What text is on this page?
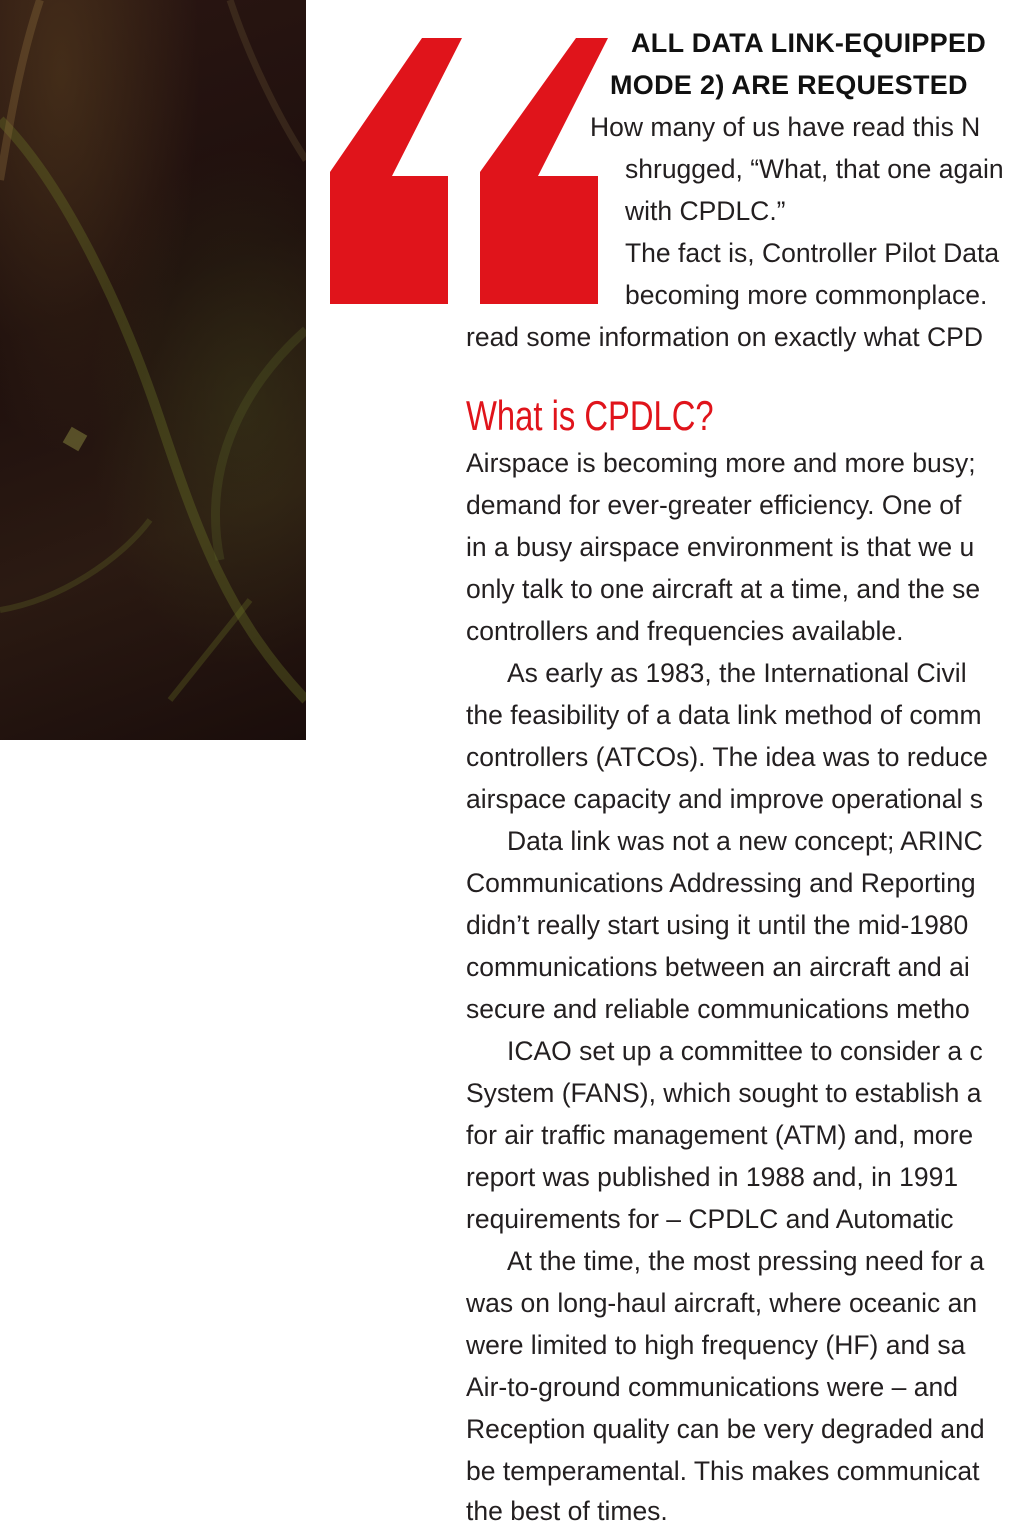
ALL DATA LINK-EQUIPPED
MODE 2) ARE REQUESTED
How many of us have read this N
shrugged, “What, that one again
with CPDLC.”
The fact is, Controller Pilot Data
becoming more commonplace.
read some information on exactly what CPD
What is CPDLC?
Airspace is becoming more and more busy;
demand for ever-greater efficiency. One of
in a busy airspace environment is that we u
only talk to one aircraft at a time, and the se
controllers and frequencies available.
As early as 1983, the International Civil
the feasibility of a data link method of comm
controllers (ATCOs). The idea was to reduce
airspace capacity and improve operational s
Data link was not a new concept; ARINC
Communications Addressing and Reporting
didn’t really start using it until the mid-1980
communications between an aircraft and ai
secure and reliable communications metho
ICAO set up a committee to consider a c
System (FANS), which sought to establish a
for air traffic management (ATM) and, more
report was published in 1988 and, in 1991
requirements for – CPDLC and Automatic
At the time, the most pressing need for a
was on long-haul aircraft, where oceanic an
were limited to high frequency (HF) and sa
Air-to-ground communications were – and
Reception quality can be very degraded and
be temperamental. This makes communicat
the best of times.
